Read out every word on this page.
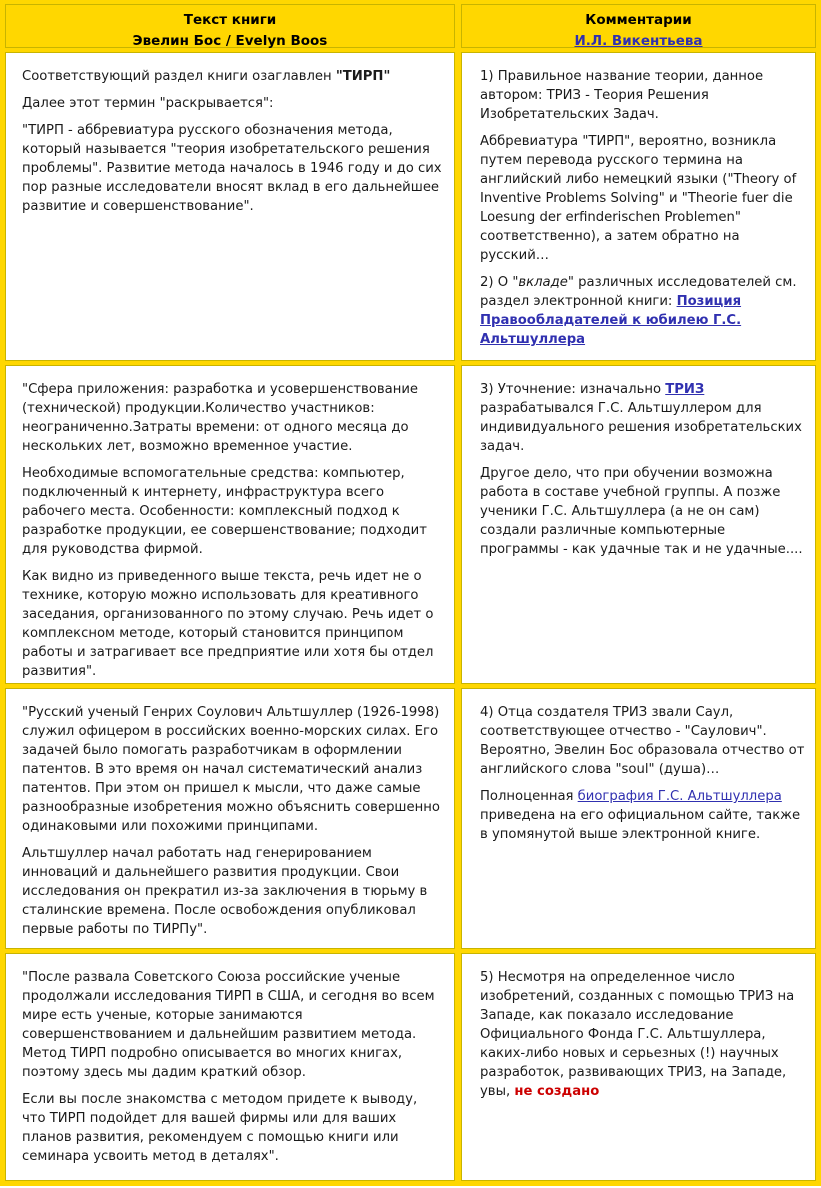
Текст книги
Эвелин Бос / Evelyn Boos
Комментарии
И.Л. Викентьева

Соответствующий раздел книги озаглавлен "ТИРП"

Далее этот термин "раскрывается":

"ТИРП - аббревиатура русского обозначения метода, который называется "теория изобретательского решения проблемы". Развитие метода началось в 1946 году и до сих пор разные исследователи вносят вклад в его дальнейшее развитие и совершенствование".

1) Правильное название теории, данное автором: ТРИЗ - Теория Решения Изобретательских Задач.

Аббревиатура "ТИРП", вероятно, возникла путем перевода русского термина на английский либо немецкий языки ("Theory of Inventive Problems Solving" и "Theorie fuer die Loesung der erfinderischen Problemen" соответственно), а затем обратно на русский…

2) О "вкладе" различных исследователей см. раздел электронной книги: Позиция Правообладателей к юбилею Г.С. Альтшуллера

"Сфера приложения: разработка и усовершенствование (технической) продукции.Количество участников: неограниченно.Затраты времени: от одного месяца до нескольких лет, возможно временное участие.

Необходимые вспомогательные средства: компьютер, подключенный к интернету, инфраструктура всего рабочего места. Особенности: комплексный подход к разработке продукции, ее совершенствование; подходит для руководства фирмой.

Как видно из приведенного выше текста, речь идет не о технике, которую можно использовать для креативного заседания, организованного по этому случаю. Речь идет о комплексном методе, который становится принципом работы и затрагивает все предприятие или хотя бы отдел развития".

3) Уточнение: изначально ТРИЗ разрабатывался Г.С. Альтшуллером для индивидуального решения изобретательских задач.

Другое дело, что при обучении возможна работа в составе учебной группы. А позже ученики Г.С. Альтшуллера (а не он сам) создали различные компьютерные программы - как удачные так и не удачные....

"Русский ученый Генрих Соулович Альтшуллер (1926-1998) служил офицером в российских военно-морских силах. Его задачей было помогать разработчикам в оформлении патентов. В это время он начал систематический анализ патентов. При этом он пришел к мысли, что даже самые разнообразные изобретения можно объяснить совершенно одинаковыми или похожими принципами.

Альтшуллер начал работать над генерированием инноваций и дальнейшего развития продукции. Свои исследования он прекратил из-за заключения в тюрьму в сталинские времена. После освобождения опубликовал первые работы по ТИРПу".

4) Отца создателя ТРИЗ звали Саул, соответствующее отчество - "Саулович". Вероятно, Эвелин Бос образовала отчество от английского слова "soul" (душа)…

Полноценная биография Г.С. Альтшуллера приведена на его официальном сайте, также в упомянутой выше электронной книге.

"После развала Советского Союза российские ученые продолжали исследования ТИРП в США, и сегодня во всем мире есть ученые, которые занимаются совершенствованием и дальнейшим развитием метода. Метод ТИРП подробно описывается во многих книгах, поэтому здесь мы дадим краткий обзор.

Если вы после знакомства с методом придете к выводу, что ТИРП подойдет для вашей фирмы или для ваших планов развития, рекомендуем с помощью книги или семинара усвоить метод в деталях".

5) Несмотря на определенное число изобретений, созданных с помощью ТРИЗ на Западе, как показало исследование Официального Фонда Г.С. Альтшуллера, каких-либо новых и серьезных (!) научных разработок, развивающих ТРИЗ, на Западе, увы, не создано
